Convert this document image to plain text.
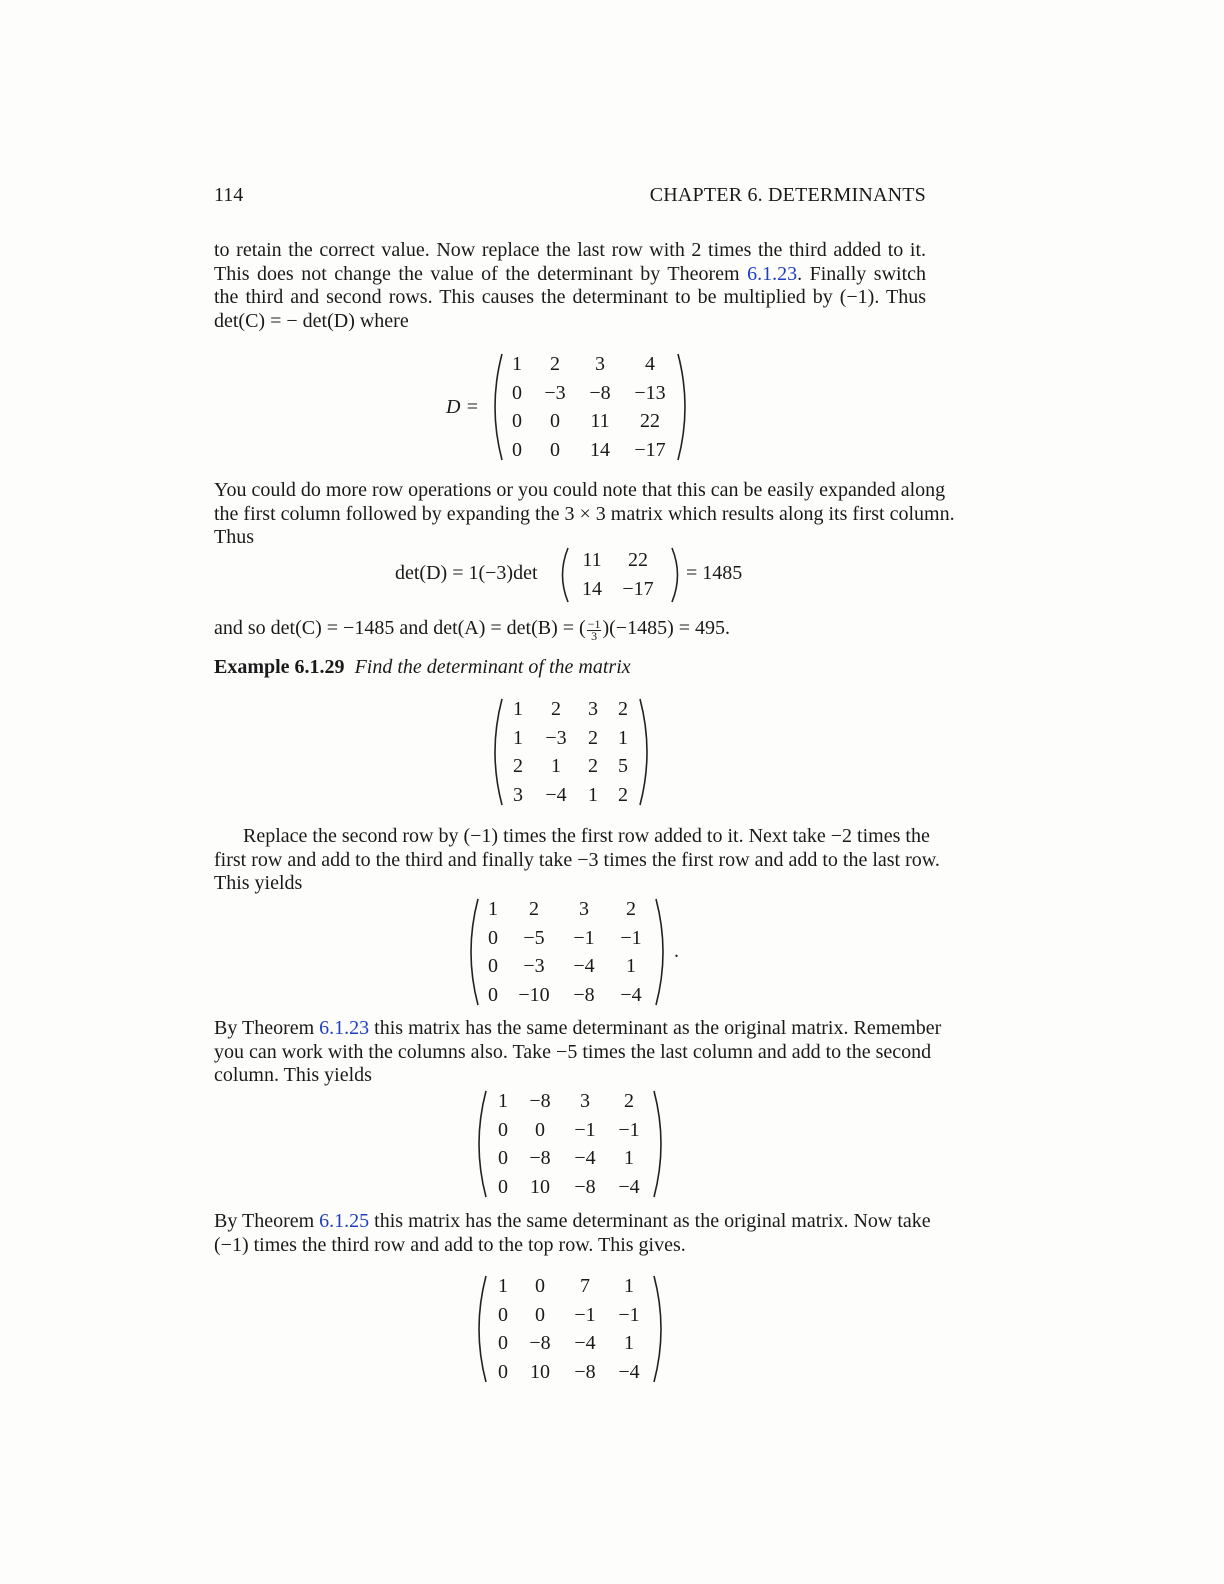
114	CHAPTER 6. DETERMINANTS
to retain the correct value. Now replace the last row with 2 times the third added to it.
This does not change the value of the determinant by Theorem 6.1.23. Finally switch
the third and second rows. This causes the determinant to be multiplied by (−1). Thus
det(C) = − det(D) where
D =
1	2	3	4
0	−3	−8	−13
0	0	11	22
0	0	14	−17
You could do more row operations or you could note that this can be easily expanded along
the first column followed by expanding the 3 × 3 matrix which results along its first column.
Thus
det(D) = 1(−3)det
11	22
14	−17
= 1485
and so det(C) = −1485 and det(A) = det(B) = ( $\frac{-1}{3} )(-1485) = 495$.
Example 6.1.29 Find the determinant of the matrix
1	2	3	2
1	−3	2	1
2	1	2	5
3	−4	1	2
Replace the second row by (−1) times the first row added to it. Next take −2 times the
first row and add to the third and finally take −3 times the first row and add to the last row.
This yields
1	2	3	2
0	−5	−1	−1
0	−3	−4	1
0	−10	−8	−4
.
By Theorem 6.1.23 this matrix has the same determinant as the original matrix. Remember
you can work with the columns also. Take −5 times the last column and add to the second
column. This yields
1	−8	3	2
0	0	−1	−1
0	−8	−4	1
0	10	−8	−4
By Theorem 6.1.25 this matrix has the same determinant as the original matrix. Now take
(−1) times the third row and add to the top row. This gives.
1	0	7	1
0	0	−1	−1
0	−8	−4	1
0	10	−8	−4
